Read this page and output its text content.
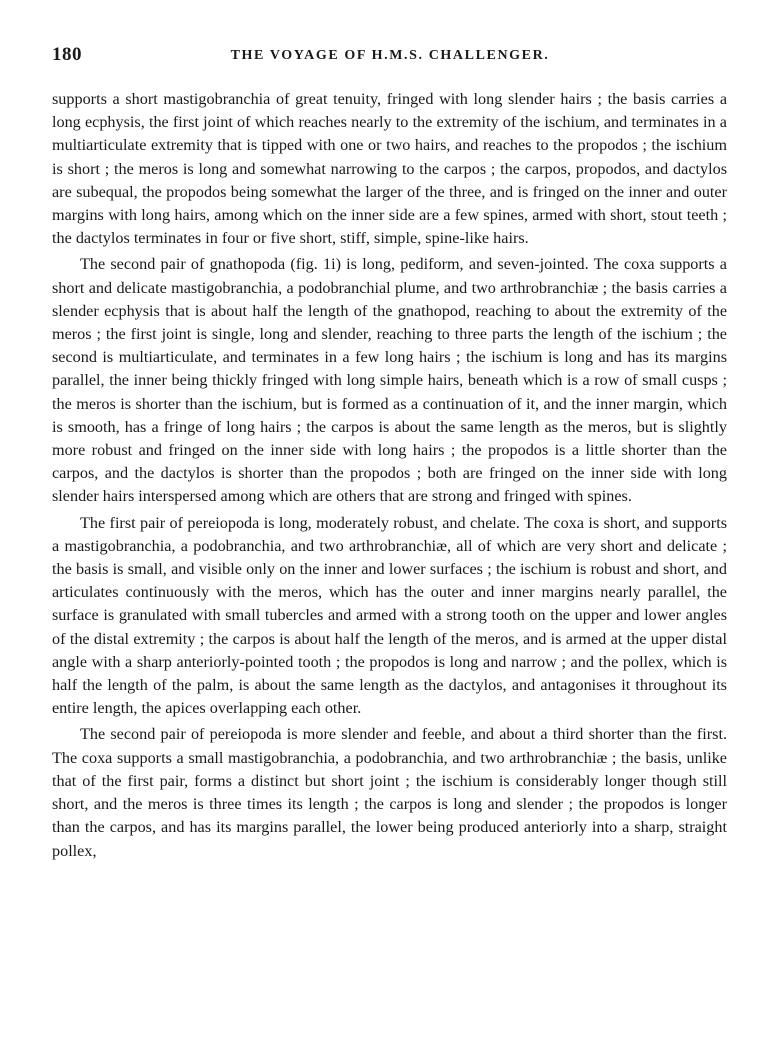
180	THE VOYAGE OF H.M.S. CHALLENGER.

supports a short mastigobranchia of great tenuity, fringed with long slender hairs ; the basis carries a long ecphysis, the first joint of which reaches nearly to the extremity of the ischium, and terminates in a multiarticulate extremity that is tipped with one or two hairs, and reaches to the propodos ; the ischium is short ; the meros is long and somewhat narrowing to the carpos ; the carpos, propodos, and dactylos are subequal, the propodos being somewhat the larger of the three, and is fringed on the inner and outer margins with long hairs, among which on the inner side are a few spines, armed with short, stout teeth ; the dactylos terminates in four or five short, stiff, simple, spine-like hairs.

The second pair of gnathopoda (fig. 1i) is long, pediform, and seven-jointed. The coxa supports a short and delicate mastigobranchia, a podobranchial plume, and two arthrobranchiæ ; the basis carries a slender ecphysis that is about half the length of the gnathopod, reaching to about the extremity of the meros ; the first joint is single, long and slender, reaching to three parts the length of the ischium ; the second is multiarticulate, and terminates in a few long hairs ; the ischium is long and has its margins parallel, the inner being thickly fringed with long simple hairs, beneath which is a row of small cusps ; the meros is shorter than the ischium, but is formed as a continuation of it, and the inner margin, which is smooth, has a fringe of long hairs ; the carpos is about the same length as the meros, but is slightly more robust and fringed on the inner side with long hairs ; the propodos is a little shorter than the carpos, and the dactylos is shorter than the propodos ; both are fringed on the inner side with long slender hairs interspersed among which are others that are strong and fringed with spines.

The first pair of pereiopoda is long, moderately robust, and chelate. The coxa is short, and supports a mastigobranchia, a podobranchia, and two arthrobranchiæ, all of which are very short and delicate ; the basis is small, and visible only on the inner and lower surfaces ; the ischium is robust and short, and articulates continuously with the meros, which has the outer and inner margins nearly parallel, the surface is granulated with small tubercles and armed with a strong tooth on the upper and lower angles of the distal extremity ; the carpos is about half the length of the meros, and is armed at the upper distal angle with a sharp anteriorly-pointed tooth ; the propodos is long and narrow ; and the pollex, which is half the length of the palm, is about the same length as the dactylos, and antagonises it throughout its entire length, the apices overlapping each other.

The second pair of pereiopoda is more slender and feeble, and about a third shorter than the first. The coxa supports a small mastigobranchia, a podobranchia, and two arthrobranchiæ ; the basis, unlike that of the first pair, forms a distinct but short joint ; the ischium is considerably longer though still short, and the meros is three times its length ; the carpos is long and slender ; the propodos is longer than the carpos, and has its margins parallel, the lower being produced anteriorly into a sharp, straight pollex,
